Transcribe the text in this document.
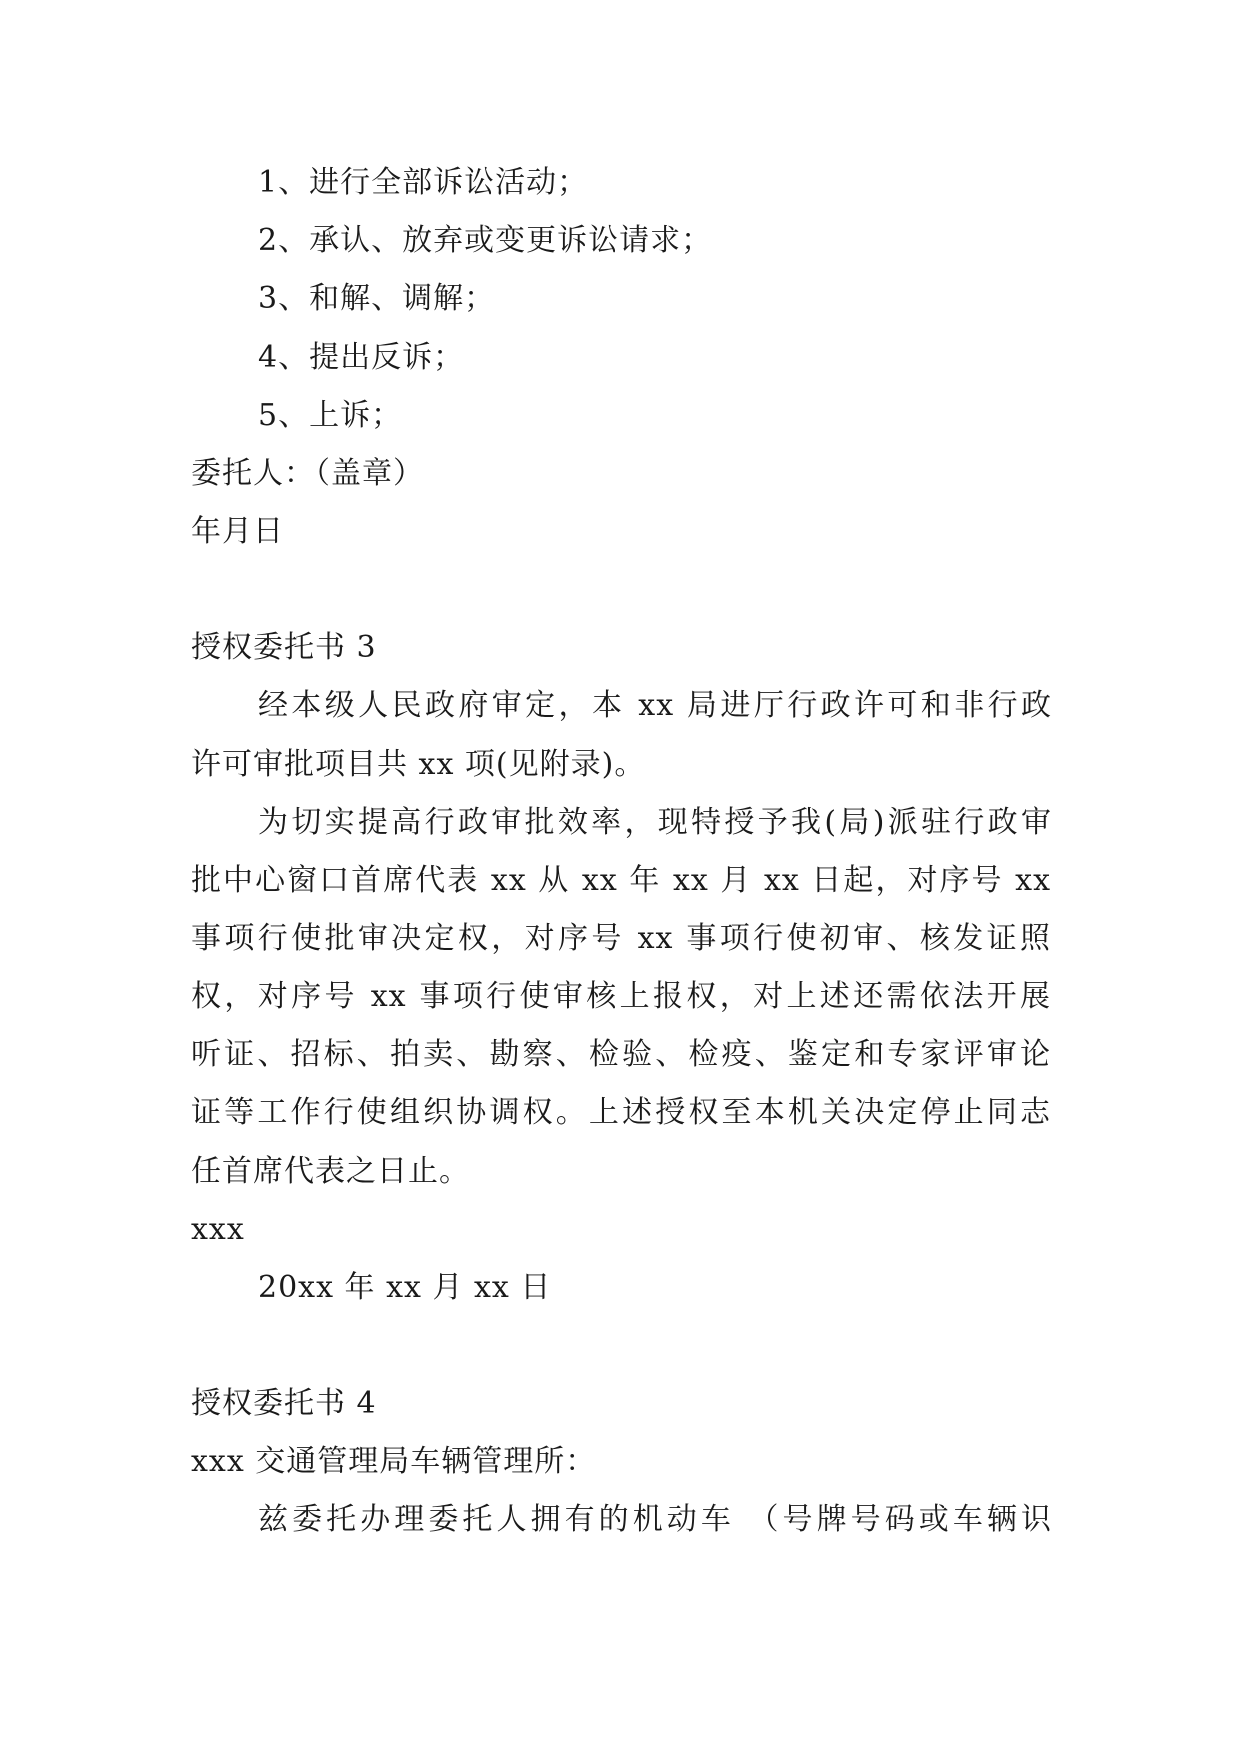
1、进行全部诉讼活动；
2、承认、放弃或变更诉讼请求；
3、和解、调解；
4、提出反诉；
5、上诉；
委托人：（盖章）
年月日
授权委托书 3
经本级人民政府审定，本 xx 局进厅行政许可和非行政
许可审批项目共 xx 项(见附录)。
为切实提高行政审批效率，现特授予我(局)派驻行政审
批中心窗口首席代表 xx 从 xx 年 xx 月 xx 日起，对序号 xx
事项行使批审决定权，对序号 xx 事项行使初审、核发证照
权，对序号 xx 事项行使审核上报权，对上述还需依法开展
听证、招标、拍卖、勘察、检验、检疫、鉴定和专家评审论
证等工作行使组织协调权。上述授权至本机关决定停止同志
任首席代表之日止。
xxx
20xx 年 xx 月 xx 日
授权委托书 4
xxx 交通管理局车辆管理所：
兹委托办理委托人拥有的机动车 （号牌号码或车辆识
